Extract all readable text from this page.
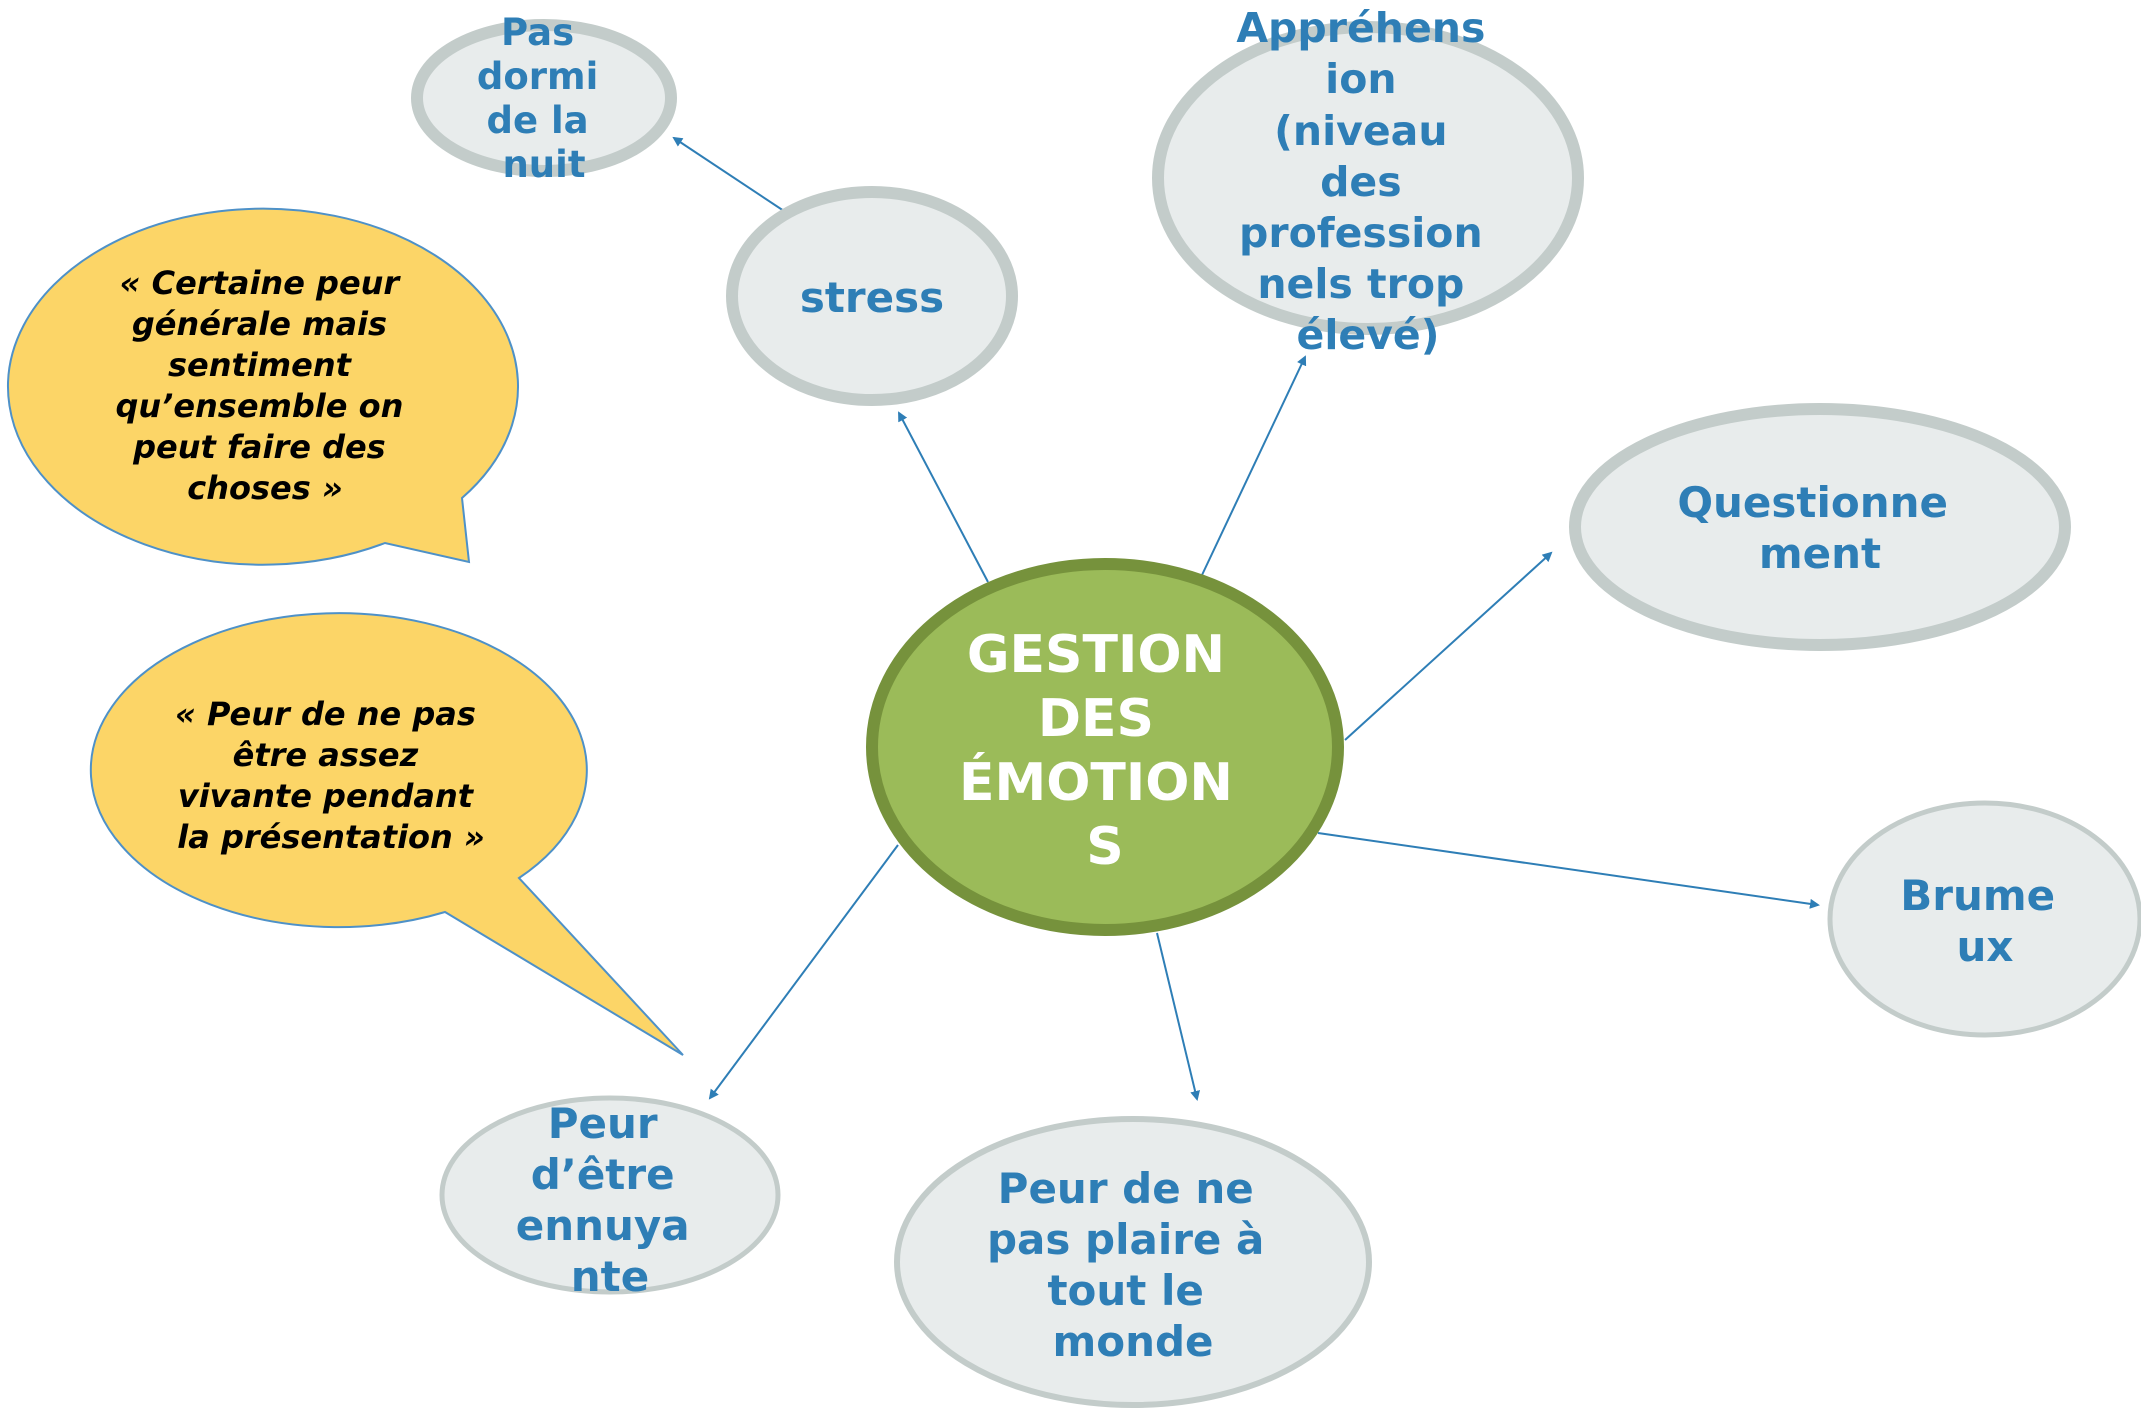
« Certaine peur générale mais sentiment qu’ensemble on peut faire des choses »
« Peur de ne pas être assez vivante pendant la présentation »
Pas dormi de la nuit
stress
Appréhens ion (niveau des profession nels trop élevé)
Questionne ment
Brume ux
Peur de ne pas plaire à tout le monde
Peur d’être ennuya nte
GESTION DES ÉMOTION S
